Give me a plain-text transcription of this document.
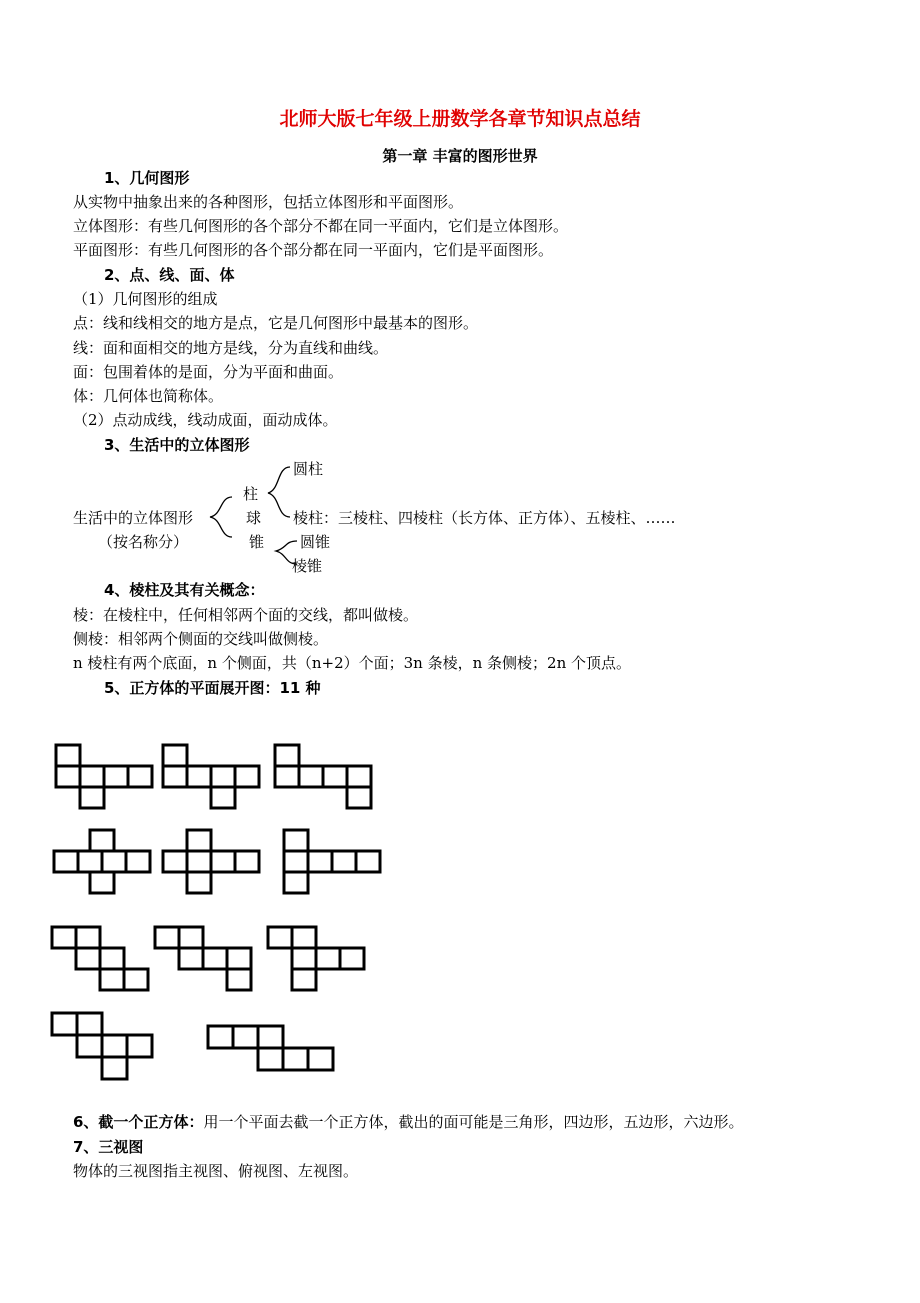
北师大版七年级上册数学各章节知识点总结
第一章 丰富的图形世界
1、几何图形
从实物中抽象出来的各种图形，包括立体图形和平面图形。
立体图形：有些几何图形的各个部分不都在同一平面内，它们是立体图形。
平面图形：有些几何图形的各个部分都在同一平面内，它们是平面图形。
2、点、线、面、体
（1）几何图形的组成
点：线和线相交的地方是点，它是几何图形中最基本的图形。
线：面和面相交的地方是线，分为直线和曲线。
面：包围着体的是面，分为平面和曲面。
体：几何体也简称体。
（2）点动成线，线动成面，面动成体。
3、生活中的立体图形
圆柱
柱
生活中的立体图形	球 棱柱：三棱柱、四棱柱（长方体、正方体）、五棱柱、……
（按名称分）	锥 圆锥
棱锥
4、棱柱及其有关概念：
棱：在棱柱中，任何相邻两个面的交线，都叫做棱。
侧棱：相邻两个侧面的交线叫做侧棱。
n 棱柱有两个底面，n 个侧面，共（n+2）个面；3n 条棱，n 条侧棱；2n 个顶点。
5、正方体的平面展开图：11 种
6、截一个正方体：用一个平面去截一个正方体，截出的面可能是三角形，四边形，五边形，六边形。
7、三视图
物体的三视图指主视图、俯视图、左视图。
